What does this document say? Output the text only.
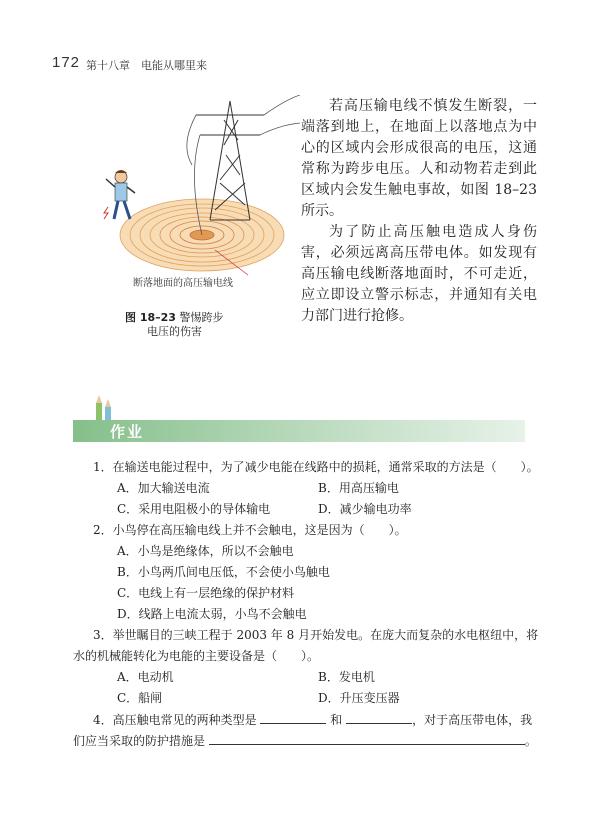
172 第十八章　电能从哪里来
断落地面的高压输电线
图 18–23 警惕跨步
电压的伤害

若高压输电线不慎发生断裂，一端落到地上，在地面上以落地点为中心的区域内会形成很高的电压，这通常称为跨步电压。人和动物若走到此区域内会发生触电事故，如图 18–23 所示。

为了防止高压触电造成人身伤害，必须远离高压带电体。如发现有高压输电线断落地面时，不可走近，应立即设立警示标志，并通知有关电力部门进行抢修。

作业
1．在输送电能过程中，为了减少电能在线路中的损耗，通常采取的方法是（　　）。
A．加大输送电流	B．用高压输电
C．采用电阻极小的导体输电	D．减少输电功率
2．小鸟停在高压输电线上并不会触电，这是因为（　　）。
A．小鸟是绝缘体，所以不会触电
B．小鸟两爪间电压低，不会使小鸟触电
C．电线上有一层绝缘的保护材料
D．线路上电流太弱，小鸟不会触电
3．举世瞩目的三峡工程于 2003 年 8 月开始发电。在庞大而复杂的水电枢纽中，将
水的机械能转化为电能的主要设备是（　　）。
A．电动机	B．发电机
C．船闸	D．升压变压器
4．高压触电常见的两种类型是	和	，对于高压带电体，我
们应当采取的防护措施是	。
